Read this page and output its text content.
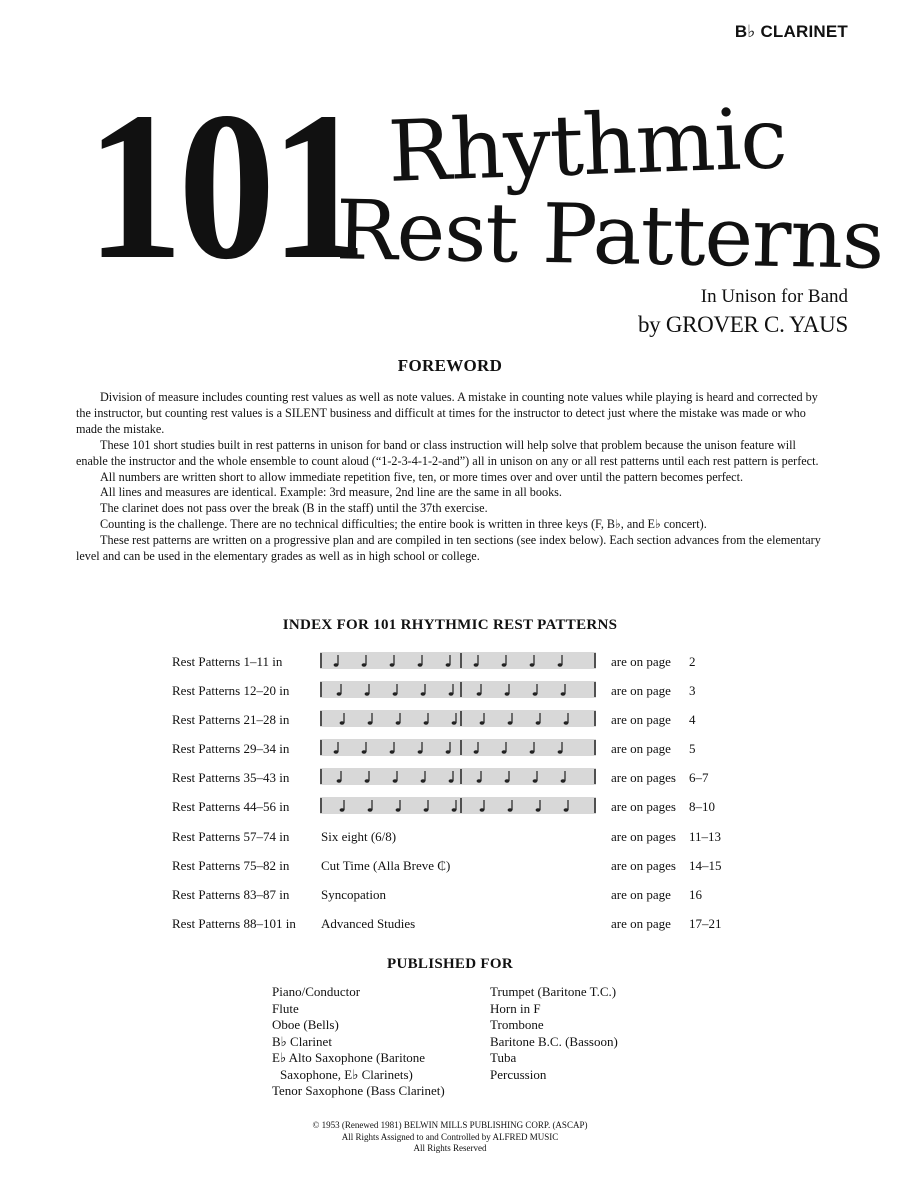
B♭ CLARINET
101 Rhythmic
Rest Patterns
In Unison for Band
by GROVER C. YAUS
FOREWORD

Division of measure includes counting rest values as well as note values. A mistake in counting note values while playing is heard and corrected by the instructor, but counting rest values is a SILENT business and difficult at times for the instructor to detect just where the mistake was made or who made the mistake.

These 101 short studies built in rest patterns in unison for band or class instruction will help solve that problem because the unison feature will enable the instructor and the whole ensemble to count aloud (“1-2-3-4-1-2-and”) all in unison on any or all rest patterns until each rest pattern is perfect.

All numbers are written short to allow immediate repetition five, ten, or more times over and over until the pattern becomes perfect.

All lines and measures are identical. Example: 3rd measure, 2nd line are the same in all books.

The clarinet does not pass over the break (B in the staff) until the 37th exercise.

Counting is the challenge. There are no technical difficulties; the entire book is written in three keys (F, B♭, and E♭ concert).

These rest patterns are written on a progressive plan and are compiled in ten sections (see index below). Each section advances from the elementary level and can be used in the elementary grades as well as in high school or college.

INDEX FOR 101 RHYTHMIC REST PATTERNS
Rest Patterns 1–11 in	are on page 2
Rest Patterns 12–20 in	are on page 3
Rest Patterns 21–28 in	are on page 4
Rest Patterns 29–34 in	are on page 5
Rest Patterns 35–43 in	are on pages 6–7
Rest Patterns 44–56 in	are on pages 8–10
Rest Patterns 57–74 in Six eight (6/8)	are on pages 11–13
Rest Patterns 75–82 in Cut Time (Alla Breve ₵)	are on pages 14–15
Rest Patterns 83–87 in Syncopation	are on page 16
Rest Patterns 88–101 in Advanced Studies	are on page 17–21
PUBLISHED FOR
Piano/Conductor
Flute
Oboe (Bells)
B♭ Clarinet
E♭ Alto Saxophone (Baritone
Saxophone, E♭ Clarinets)
Tenor Saxophone (Bass Clarinet)
Trumpet (Baritone T.C.)
Horn in F
Trombone
Baritone B.C. (Bassoon)
Tuba
Percussion
© 1953 (Renewed 1981) BELWIN MILLS PUBLISHING CORP. (ASCAP)
All Rights Assigned to and Controlled by ALFRED MUSIC
All Rights Reserved
